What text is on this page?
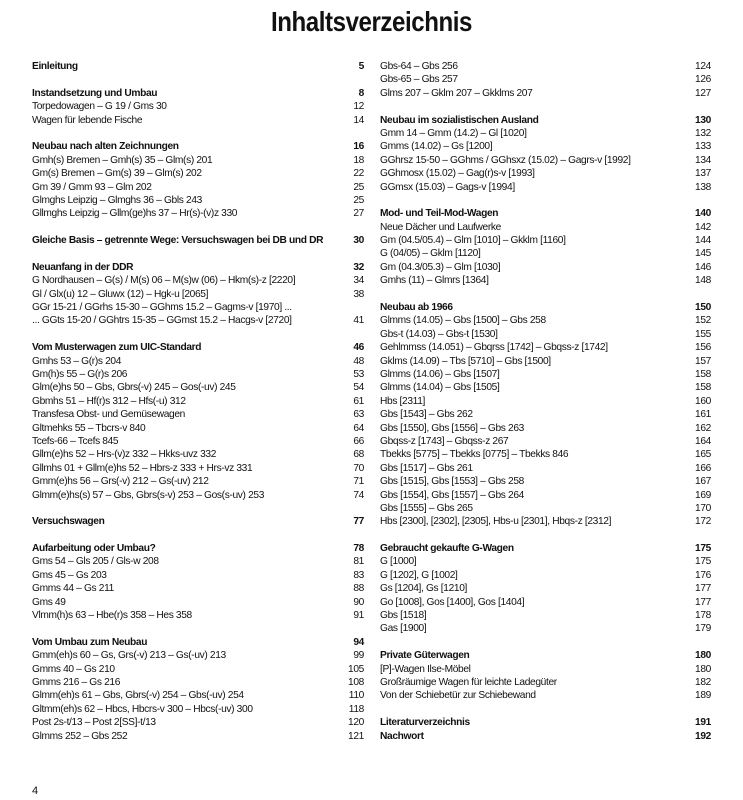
Inhaltsverzeichnis
Einleitung	5
Instandsetzung und Umbau	8
Torpedowagen – G 19 / Gms 30	12
Wagen für lebende Fische	14
Neubau nach alten Zeichnungen	16
Gmh(s) Bremen – Gmh(s) 35 – Glm(s) 201	18
Gm(s) Bremen – Gm(s) 39 – Glm(s) 202	22
Gm 39 / Gmm 93 – Glm 202	25
Glmghs Leipzig – Glmghs 36 – Gbls 243	25
Gllmghs Leipzig – Gllm(ge)hs 37 – Hr(s)-(v)z 330	27
Gleiche Basis – getrennte Wege: Versuchswagen bei DB und DR	30
Neuanfang in der DDR	32
G Nordhausen – G(s) / M(s) 06 – M(s)w (06) – Hkm(s)-z [2220]	34
Gl / Glx(u) 12 – Gluwx (12) – Hgk-u [2065]	38
GGr 15-21 / GGrhs 15-30 – GGhms 15.2 – Gagms-v [1970] ...
... GGts 15-20 / GGhtrs 15-35 – GGmst 15.2 – Hacgs-v [2720]	41
Vom Musterwagen zum UIC-Standard	46
Gmhs 53 – G(r)s 204	48
Gm(h)s 55 – G(r)s 206	53
Glm(e)hs 50 – Gbs, Gbrs(-v) 245 – Gos(-uv) 245	54
Gbmhs 51 – Hf(r)s 312 – Hfs(-u) 312	61
Transfesa Obst- und Gemüsewagen	63
Gltmehks 55 – Tbcrs-v 840	64
Tcefs-66 – Tcefs 845	66
Gllm(e)hs 52 – Hrs-(v)z 332 – Hkks-uvz 332	68
Gllmhs 01 + Gllm(e)hs 52 – Hbrs-z 333 + Hrs-vz 331	70
Gmm(e)hs 56 – Grs(-v) 212 – Gs(-uv) 212	71
Glmm(e)hs(s) 57 – Gbs, Gbrs(s-v) 253 – Gos(s-uv) 253	74
Versuchswagen	77
Aufarbeitung oder Umbau?	78
Gms 54 – Gls 205 / Gls-w 208	81
Gms 45 – Gs 203	83
Gmms 44 – Gs 211	88
Gms 49	90
Vlmm(h)s 63 – Hbe(r)s 358 – Hes 358	91
Vom Umbau zum Neubau	94
Gmm(eh)s 60 – Gs, Grs(-v) 213 – Gs(-uv) 213	99
Gmms 40 – Gs 210	105
Gmms 216 – Gs 216	108
Glmm(eh)s 61 – Gbs, Gbrs(-v) 254 – Gbs(-uv) 254	110
Gltmm(eh)s 62 – Hbcs, Hbcrs-v 300 – Hbcs(-uv) 300	118
Post 2s-t/13 – Post 2[SS]-t/13	120
Glmms 252 – Gbs 252	121
Gbs-64 – Gbs 256	124
Gbs-65 – Gbs 257	126
Glms 207 – Gklm 207 – Gkklms 207	127
Neubau im sozialistischen Ausland	130
Gmm 14 – Gmm (14.2) – Gl [1020]	132
Gmms (14.02) – Gs [1200]	133
GGhrsz 15-50 – GGhms / GGhsxz (15.02) – Gagrs-v [1992]	134
GGhmosx (15.02) – Gag(r)s-v [1993]	137
GGmsx (15.03) – Gags-v [1994]	138
Mod- und Teil-Mod-Wagen	140
Neue Dächer und Laufwerke	142
Gm (04.5/05.4) – Glm [1010] – Gkklm [1160]	144
G (04/05) – Gklm [1120]	145
Gm (04.3/05.3) – Glm [1030]	146
Gmhs (11) – Glmrs [1364]	148
Neubau ab 1966	150
Glmms (14.05) – Gbs [1500] – Gbs 258	152
Gbs-t (14.03) – Gbs-t [1530]	155
Gehlmmss (14.051) – Gbqrss [1742] – Gbqss-z [1742]	156
Gklms (14.09) – Tbs [5710] – Gbs [1500]	157
Glmms (14.06) – Gbs [1507]	158
Glmms (14.04) – Gbs [1505]	158
Hbs [2311]	160
Gbs [1543] – Gbs 262	161
Gbs [1550], Gbs [1556] – Gbs 263	162
Gbqss-z [1743] – Gbqss-z 267	164
Tbekks [5775] – Tbekks [0775] – Tbekks 846	165
Gbs [1517] – Gbs 261	166
Gbs [1515], Gbs [1553] – Gbs 258	167
Gbs [1554], Gbs [1557] – Gbs 264	169
Gbs [1555] – Gbs 265	170
Hbs [2300], [2302], [2305], Hbs-u [2301], Hbqs-z [2312]	172
Gebraucht gekaufte G-Wagen	175
G [1000]	175
G [1202], G [1002]	176
Gs [1204], Gs [1210]	177
Go [1008], Gos [1400], Gos [1404]	177
Gbs [1518]	178
Gas [1900]	179
Private Güterwagen	180
[P]-Wagen Ilse-Möbel	180
Großräumige Wagen für leichte Ladegüter	182
Von der Schiebetür zur Schiebewand	189
Literaturverzeichnis	191
Nachwort	192
4
